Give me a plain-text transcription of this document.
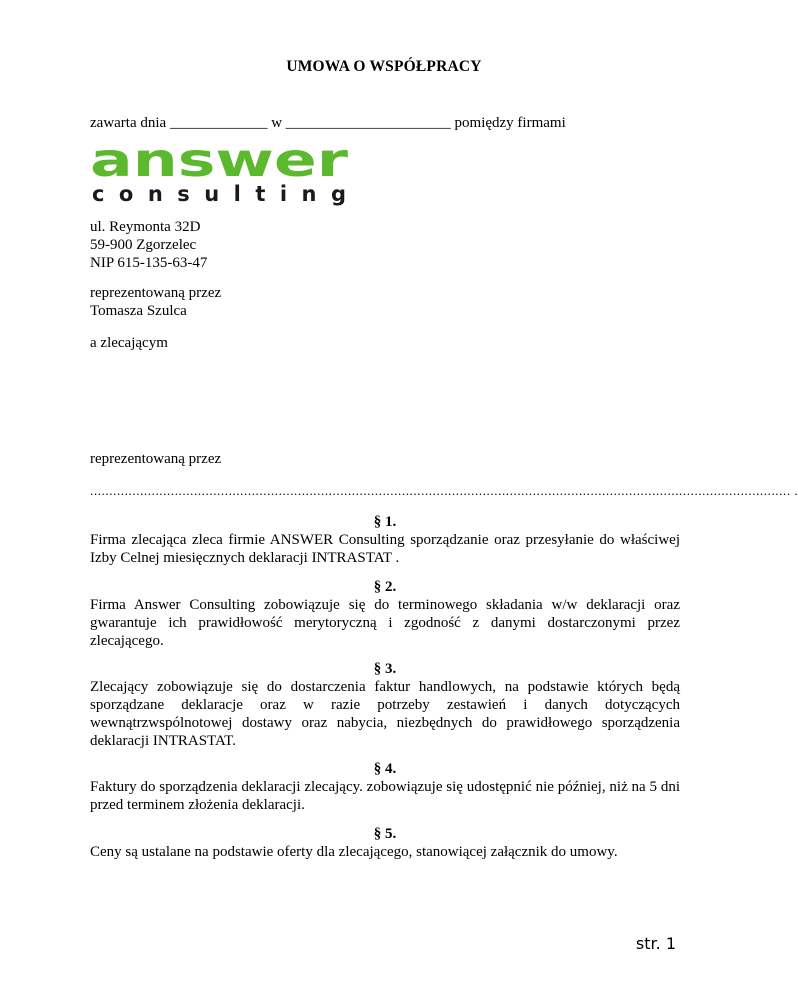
UMOWA O WSPÓŁPRACY
zawarta dnia _____________ w ______________________ pomiędzy firmami
answer
c o n s u l t i n g
ul. Reymonta 32D
59-900 Zgorzelec
NIP 615-135-63-47
reprezentowaną przez
Tomasza Szulca
a zlecającym
reprezentowaną przez
...................................................................................................................................................................................... .
§ 1.
Firma zlecająca zleca firmie ANSWER Consulting sporządzanie oraz przesyłanie do właściwej Izby Celnej miesięcznych deklaracji INTRASTAT .
§ 2.
Firma Answer Consulting zobowiązuje się do terminowego składania w/w deklaracji oraz gwarantuje ich prawidłowość merytoryczną i zgodność z danymi dostarczonymi przez zlecającego.
§ 3.
Zlecający zobowiązuje się do dostarczenia faktur handlowych, na podstawie których będą sporządzane deklaracje oraz w razie potrzeby zestawień i danych dotyczących wewnątrzwspólnotowej dostawy oraz nabycia, niezbędnych do prawidłowego sporządzenia deklaracji INTRASTAT.
§ 4.
Faktury do sporządzenia deklaracji zlecający. zobowiązuje się udostępnić nie później, niż na 5 dni przed terminem złożenia deklaracji.
§ 5.
Ceny są ustalane na podstawie oferty dla zlecającego, stanowiącej załącznik do umowy.
str. 1
